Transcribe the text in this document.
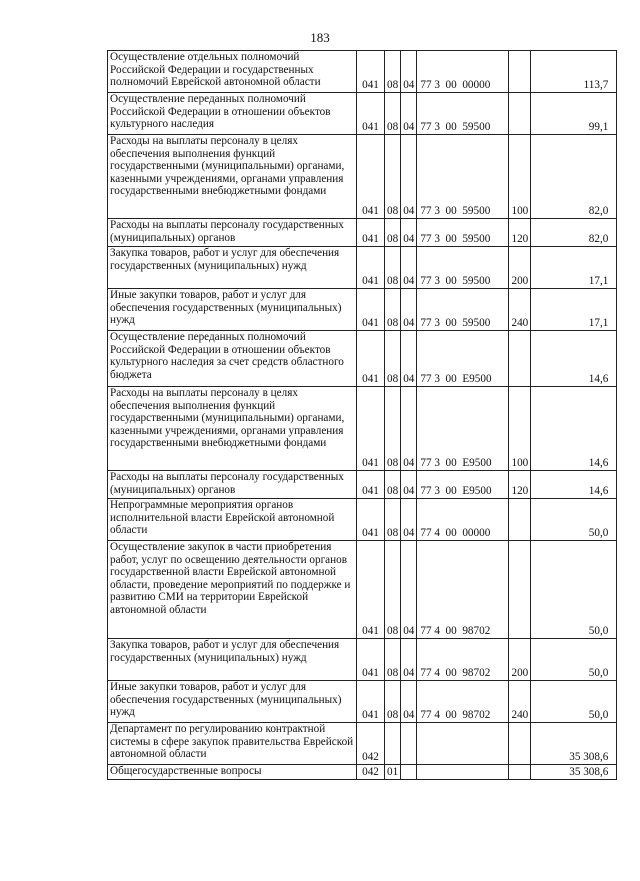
183
Осуществление отдельных полномочий Российской Федерации и государственных полномочий Еврейской автономной области	041	08	04	77 3  00  00000		113,7
Осуществление переданных полномочий Российской Федерации в отношении объектов культурного наследия	041	08	04	77 3  00  59500		99,1
Расходы на выплаты персоналу в целях обеспечения выполнения функций государственными (муниципальными) органами, казенными учреждениями, органами управления государственными внебюджетными фондами	041	08	04	77 3  00  59500	100	82,0
Расходы на выплаты персоналу государственных (муниципальных) органов	041	08	04	77 3  00  59500	120	82,0
Закупка товаров, работ и услуг для обеспечения государственных (муниципальных) нужд	041	08	04	77 3  00  59500	200	17,1
Иные закупки товаров, работ и услуг для обеспечения государственных (муниципальных) нужд	041	08	04	77 3  00  59500	240	17,1
Осуществление переданных полномочий Российской Федерации в отношении объектов культурного наследия за счет средств областного бюджета	041	08	04	77 3  00  E9500		14,6
Расходы на выплаты персоналу в целях обеспечения выполнения функций государственными (муниципальными) органами, казенными учреждениями, органами управления государственными внебюджетными фондами	041	08	04	77 3  00  E9500	100	14,6
Расходы на выплаты персоналу государственных (муниципальных) органов	041	08	04	77 3  00  E9500	120	14,6
Непрограммные мероприятия органов исполнительной власти Еврейской автономной области	041	08	04	77 4  00  00000		50,0
Осуществление закупок в части приобретения работ, услуг по освещению деятельности органов государственной власти Еврейской автономной области, проведение мероприятий по поддержке и развитию СМИ на территории Еврейской автономной области	041	08	04	77 4  00  98702		50,0
Закупка товаров, работ и услуг для обеспечения государственных (муниципальных) нужд	041	08	04	77 4  00  98702	200	50,0
Иные закупки товаров, работ и услуг для обеспечения государственных (муниципальных) нужд	041	08	04	77 4  00  98702	240	50,0
Департамент по регулированию контрактной системы в сфере закупок правительства Еврейской автономной области	042					35 308,6
Общегосударственные вопросы	042	01				35 308,6
